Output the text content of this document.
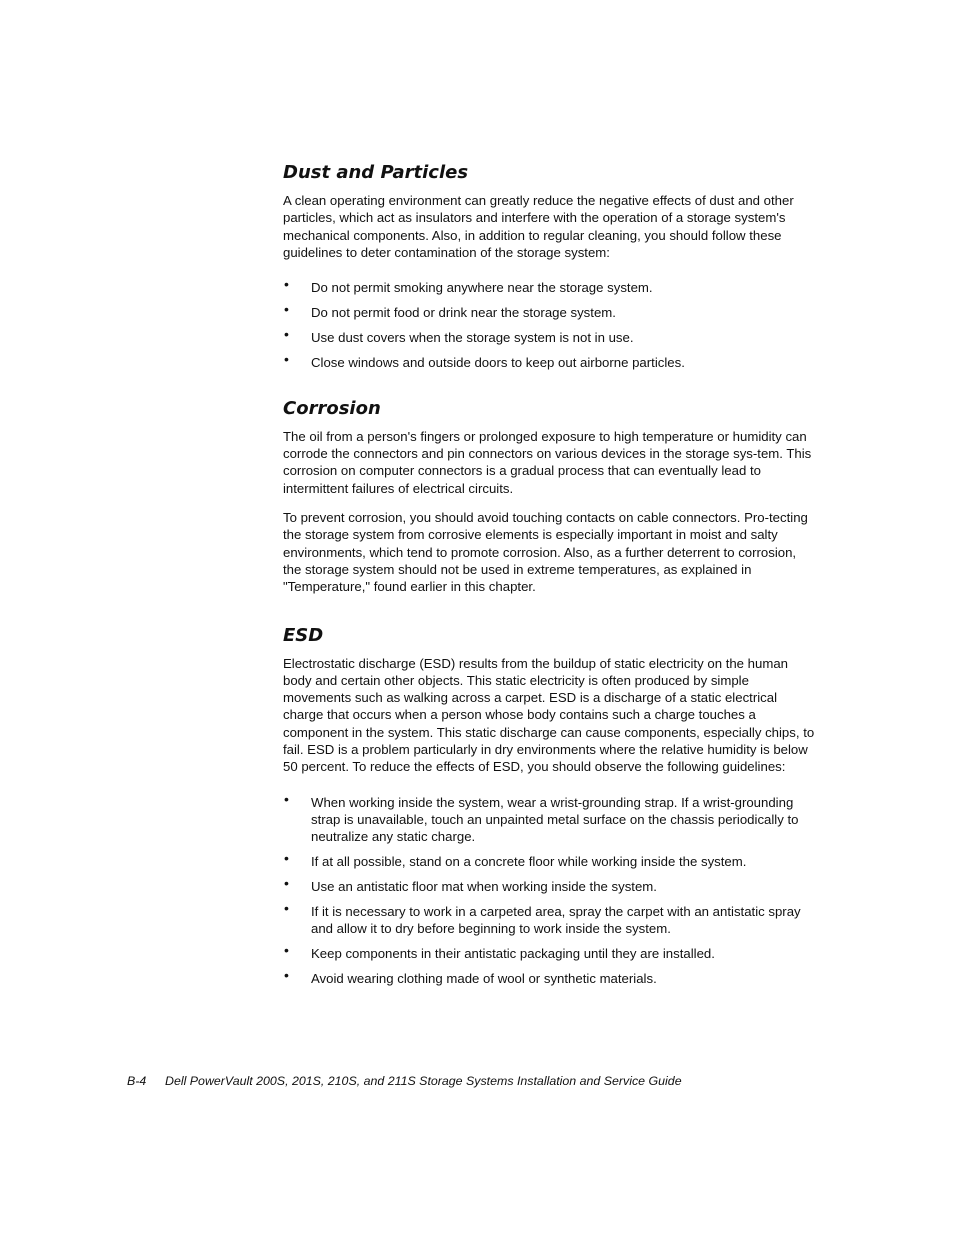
Dust and Particles

A clean operating environment can greatly reduce the negative effects of dust and other particles, which act as insulators and interfere with the operation of a storage system's mechanical components. Also, in addition to regular cleaning, you should follow these guidelines to deter contamination of the storage system:

• Do not permit smoking anywhere near the storage system.
• Do not permit food or drink near the storage system.
• Use dust covers when the storage system is not in use.
• Close windows and outside doors to keep out airborne particles.
Corrosion

The oil from a person's fingers or prolonged exposure to high temperature or humidity can corrode the connectors and pin connectors on various devices in the storage sys-tem. This corrosion on computer connectors is a gradual process that can eventually lead to intermittent failures of electrical circuits.

To prevent corrosion, you should avoid touching contacts on cable connectors. Pro-tecting the storage system from corrosive elements is especially important in moist and salty environments, which tend to promote corrosion. Also, as a further deterrent to corrosion, the storage system should not be used in extreme temperatures, as explained in "Temperature," found earlier in this chapter.

ESD

Electrostatic discharge (ESD) results from the buildup of static electricity on the human body and certain other objects. This static electricity is often produced by simple movements such as walking across a carpet. ESD is a discharge of a static electrical charge that occurs when a person whose body contains such a charge touches a component in the system. This static discharge can cause components, especially chips, to fail. ESD is a problem particularly in dry environments where the relative humidity is below 50 percent. To reduce the effects of ESD, you should observe the following guidelines:

• When working inside the system, wear a wrist-grounding strap. If a wrist-grounding strap is unavailable, touch an unpainted metal surface on the chassis periodically to neutralize any static charge.
• If at all possible, stand on a concrete floor while working inside the system.
• Use an antistatic floor mat when working inside the system.
• If it is necessary to work in a carpeted area, spray the carpet with an antistatic spray and allow it to dry before beginning to work inside the system.
• Keep components in their antistatic packaging until they are installed.
• Avoid wearing clothing made of wool or synthetic materials.
B-4 Dell PowerVault 200S, 201S, 210S, and 211S Storage Systems Installation and Service Guide
